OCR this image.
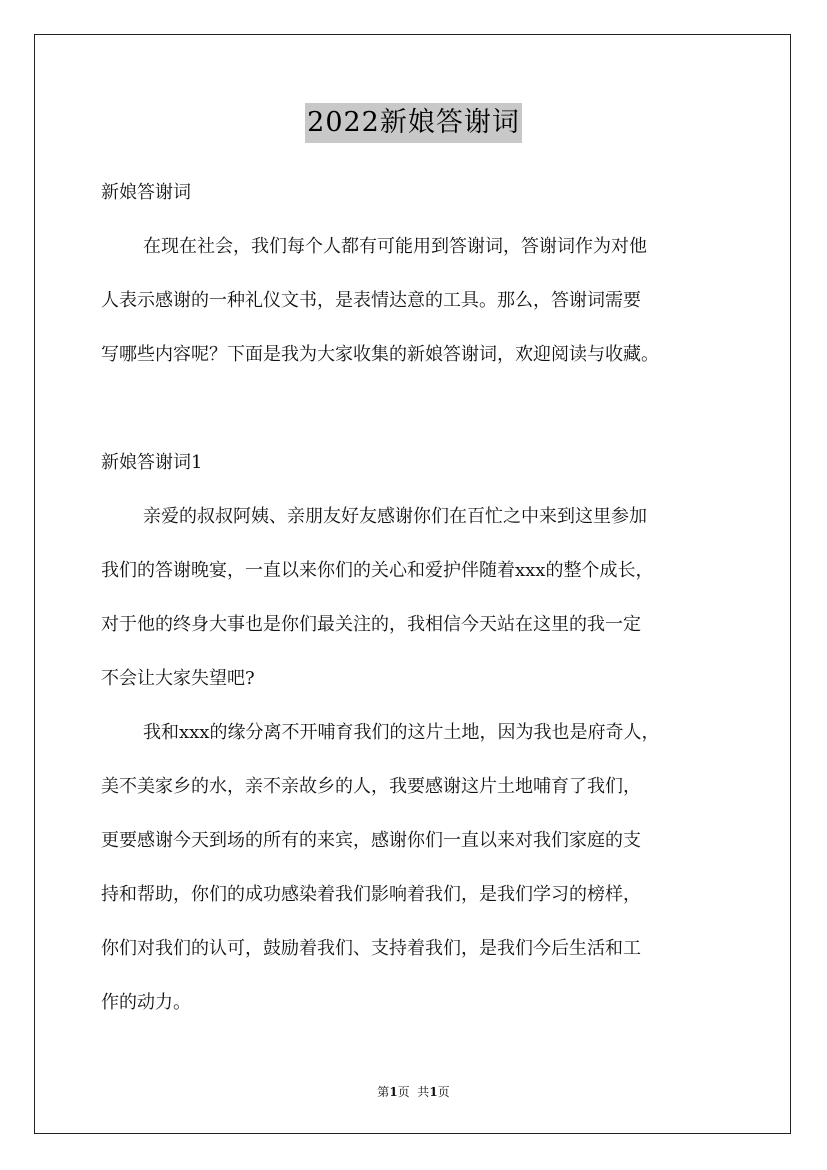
2022新娘答谢词
新娘答谢词
在现在社会，我们每个人都有可能用到答谢词，答谢词作为对他
人表示感谢的一种礼仪文书，是表情达意的工具。那么，答谢词需要
写哪些内容呢？下面是我为大家收集的新娘答谢词，欢迎阅读与收藏。
新娘答谢词1
亲爱的叔叔阿姨、亲朋友好友感谢你们在百忙之中来到这里参加
我们的答谢晚宴，一直以来你们的关心和爱护伴随着xxx的整个成长，
对于他的终身大事也是你们最关注的，我相信今天站在这里的我一定
不会让大家失望吧?
我和xxx的缘分离不开哺育我们的这片土地，因为我也是府奇人，
美不美家乡的水，亲不亲故乡的人，我要感谢这片土地哺育了我们，
更要感谢今天到场的所有的来宾，感谢你们一直以来对我们家庭的支
持和帮助，你们的成功感染着我们影响着我们，是我们学习的榜样，
你们对我们的认可，鼓励着我们、支持着我们，是我们今后生活和工
作的动力。
第1页  共1页
